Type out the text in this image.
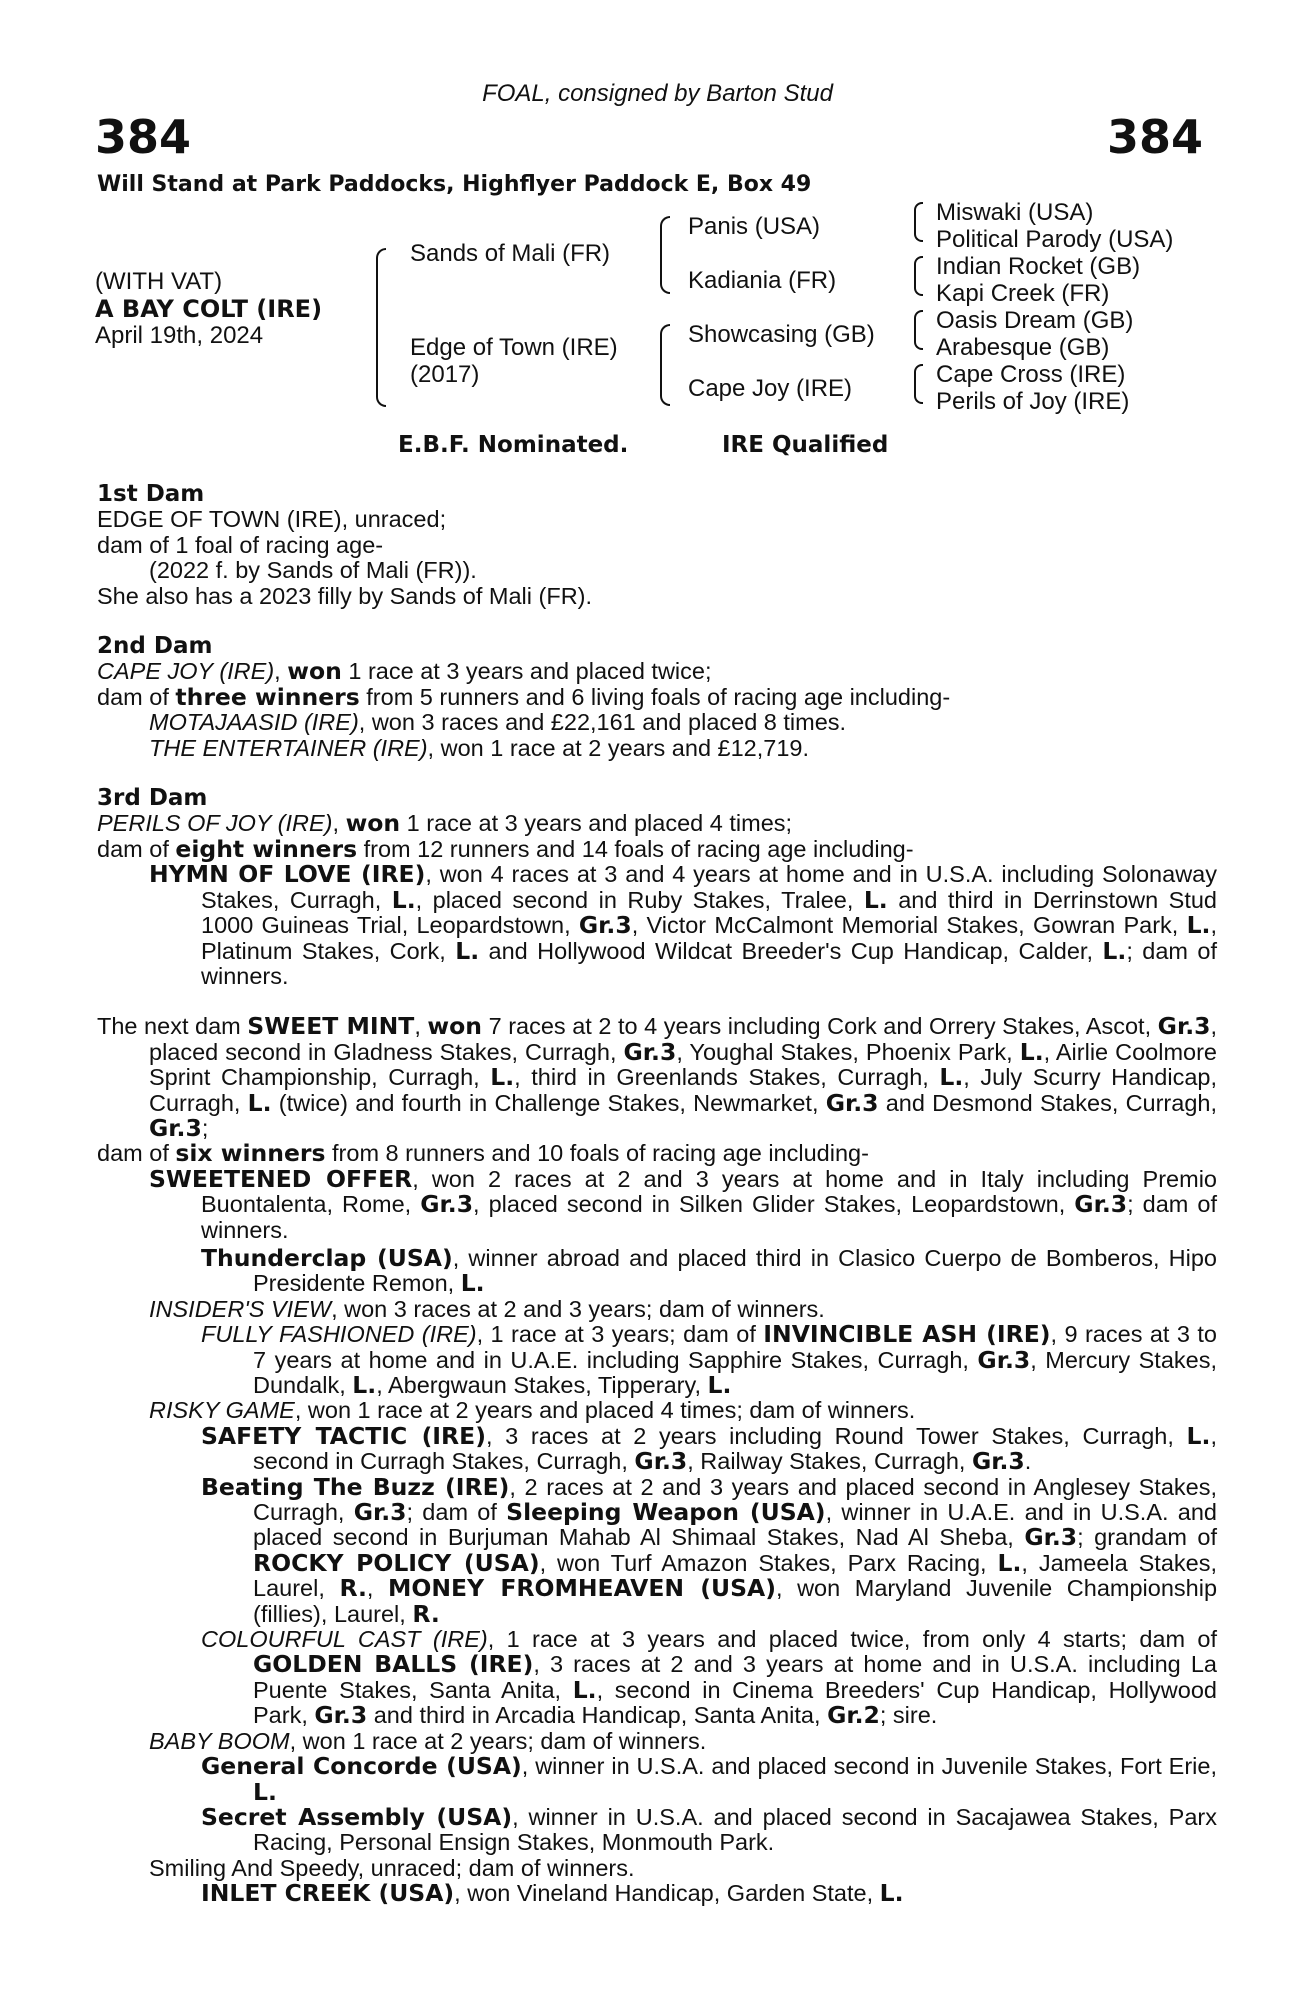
FOAL, consigned by Barton Stud
384	384
Will Stand at Park Paddocks, Highflyer Paddock E, Box 49
(WITH VAT)
A BAY COLT (IRE)
April 19th, 2024
Sands of Mali (FR)
Edge of Town (IRE)
(2017)
Panis (USA)
Kadiania (FR)
Showcasing (GB)
Cape Joy (IRE)
Miswaki (USA)
Political Parody (USA)
Indian Rocket (GB)
Kapi Creek (FR)
Oasis Dream (GB)
Arabesque (GB)
Cape Cross (IRE)
Perils of Joy (IRE)
E.B.F. Nominated.	IRE Qualified

1st Dam

EDGE OF TOWN (IRE), unraced;

dam of 1 foal of racing age-

(2022 f. by Sands of Mali (FR)).

She also has a 2023 filly by Sands of Mali (FR).

2nd Dam

CAPE JOY (IRE), won 1 race at 3 years and placed twice;

dam of three winners from 5 runners and 6 living foals of racing age including-

MOTAJAASID (IRE), won 3 races and £22,161 and placed 8 times.

THE ENTERTAINER (IRE), won 1 race at 2 years and £12,719.

3rd Dam

PERILS OF JOY (IRE), won 1 race at 3 years and placed 4 times;

dam of eight winners from 12 runners and 14 foals of racing age including-

HYMN OF LOVE (IRE), won 4 races at 3 and 4 years at home and in U.S.A. including Solonaway Stakes, Curragh, L., placed second in Ruby Stakes, Tralee, L. and third in Derrinstown Stud 1000 Guineas Trial, Leopardstown, Gr.3, Victor McCalmont Memorial Stakes, Gowran Park, L., Platinum Stakes, Cork, L. and Hollywood Wildcat Breeder's Cup Handicap, Calder, L.; dam of winners.

The next dam SWEET MINT, won 7 races at 2 to 4 years including Cork and Orrery Stakes, Ascot, Gr.3, placed second in Gladness Stakes, Curragh, Gr.3, Youghal Stakes, Phoenix Park, L., Airlie Coolmore Sprint Championship, Curragh, L., third in Greenlands Stakes, Curragh, L., July Scurry Handicap, Curragh, L. (twice) and fourth in Challenge Stakes, Newmarket, Gr.3 and Desmond Stakes, Curragh, Gr.3;

dam of six winners from 8 runners and 10 foals of racing age including-

SWEETENED OFFER, won 2 races at 2 and 3 years at home and in Italy including Premio Buontalenta, Rome, Gr.3, placed second in Silken Glider Stakes, Leopardstown, Gr.3; dam of winners.

Thunderclap (USA), winner abroad and placed third in Clasico Cuerpo de Bomberos, Hipo Presidente Remon, L.

INSIDER'S VIEW, won 3 races at 2 and 3 years; dam of winners.

FULLY FASHIONED (IRE), 1 race at 3 years; dam of INVINCIBLE ASH (IRE), 9 races at 3 to 7 years at home and in U.A.E. including Sapphire Stakes, Curragh, Gr.3, Mercury Stakes, Dundalk, L., Abergwaun Stakes, Tipperary, L.

RISKY GAME, won 1 race at 2 years and placed 4 times; dam of winners.

SAFETY TACTIC (IRE), 3 races at 2 years including Round Tower Stakes, Curragh, L., second in Curragh Stakes, Curragh, Gr.3, Railway Stakes, Curragh, Gr.3.

Beating The Buzz (IRE), 2 races at 2 and 3 years and placed second in Anglesey Stakes, Curragh, Gr.3; dam of Sleeping Weapon (USA), winner in U.A.E. and in U.S.A. and placed second in Burjuman Mahab Al Shimaal Stakes, Nad Al Sheba, Gr.3; grandam of ROCKY POLICY (USA), won Turf Amazon Stakes, Parx Racing, L., Jameela Stakes, Laurel, R., MONEY FROMHEAVEN (USA), won Maryland Juvenile Championship (fillies), Laurel, R.

COLOURFUL CAST (IRE), 1 race at 3 years and placed twice, from only 4 starts; dam of GOLDEN BALLS (IRE), 3 races at 2 and 3 years at home and in U.S.A. including La Puente Stakes, Santa Anita, L., second in Cinema Breeders' Cup Handicap, Hollywood Park, Gr.3 and third in Arcadia Handicap, Santa Anita, Gr.2; sire.

BABY BOOM, won 1 race at 2 years; dam of winners.

General Concorde (USA), winner in U.S.A. and placed second in Juvenile Stakes, Fort Erie, L.

Secret Assembly (USA), winner in U.S.A. and placed second in Sacajawea Stakes, Parx Racing, Personal Ensign Stakes, Monmouth Park.

Smiling And Speedy, unraced; dam of winners.

INLET CREEK (USA), won Vineland Handicap, Garden State, L.
